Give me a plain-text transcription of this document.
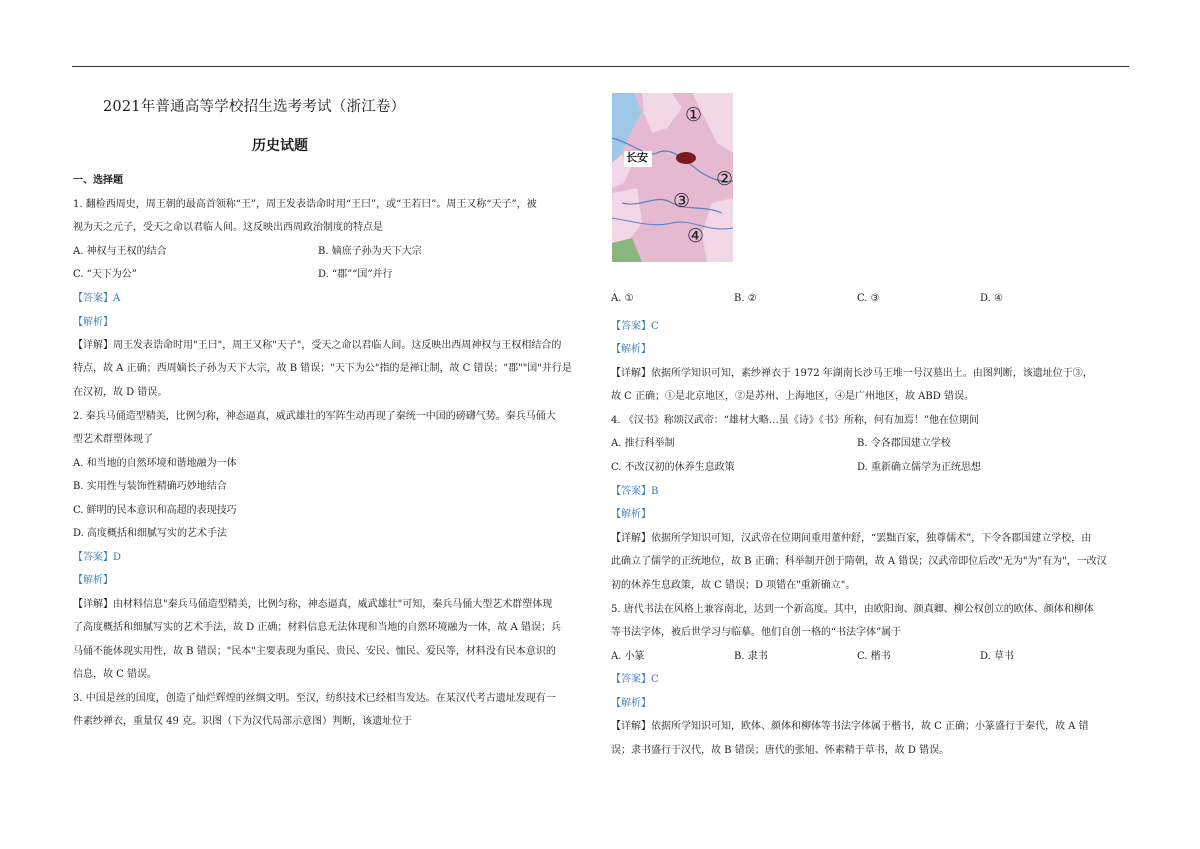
2021年普通高等学校招生选考考试（浙江卷）
历史试题
一、选择题
1. 翻检西周史，周王朝的最高首领称“王”，周王发表诰命时用“王曰”，或“王若曰”。周王又称“天子”，被
视为天之元子，受天之命以君临人间。这反映出西周政治制度的特点是
A. 神权与王权的结合	B. 嫡庶子孙为天下大宗
C. “天下为公”	D. “郡”“国”并行
【答案】A
【解析】
【详解】周王发表诰命时用"王曰"，周王又称"天子"，受天之命以君临人间。这反映出西周神权与王权相结合的
特点，故 A 正确；西周嫡长子孙为天下大宗，故 B 错误；"天下为公"指的是禅让制，故 C 错误；"郡""国"并行是
在汉初，故 D 错误。
2. 秦兵马俑造型精美，比例匀称，神态逼真，威武雄壮的军阵生动再现了秦统一中国的磅礴气势。秦兵马俑大
型艺术群塑体现了
A. 和当地的自然环境和谐地融为一体
B. 实用性与装饰性精确巧妙地结合
C. 鲜明的民本意识和高超的表现技巧
D. 高度概括和细腻写实的艺术手法
【答案】D
【解析】
【详解】由材料信息"秦兵马俑造型精美，比例匀称，神态逼真，威武雄壮"可知，秦兵马俑大型艺术群塑体现
了高度概括和细腻写实的艺术手法，故 D 正确；材料信息无法体现和当地的自然环境融为一体，故 A 错误；兵
马俑不能体现实用性，故 B 错误；"民本"主要表现为重民、贵民、安民、恤民、爱民等，材料没有民本意识的
信息，故 C 错误。
3. 中国是丝的国度，创造了灿烂辉煌的丝绸文明。至汉，纺织技术已经相当发达。在某汉代考古遗址发现有一
件素纱禅衣，重量仅 49 克。识图（下为汉代局部示意图）判断，该遗址位于
长安
①
②
③
④
A. ①	B. ②	C. ③	D. ④
【答案】C
【解析】
【详解】依据所学知识可知，素纱禅衣于 1972 年湖南长沙马王堆一号汉墓出土。由图判断，该遗址位于③，
故 C 正确；①是北京地区，②是苏州、上海地区，④是广州地区，故 ABD 错误。
4. 《汉书》称颂汉武帝：“雄材大略…虽《诗》《书》所称，何有加焉！”他在位期间
A. 推行科举制	B. 令各郡国建立学校
C. 不改汉初的休养生息政策	D. 重新确立儒学为正统思想
【答案】B
【解析】
【详解】依据所学知识可知，汉武帝在位期间重用董仲舒，“罢黜百家，独尊儒术”，下令各郡国建立学校，由
此确立了儒学的正统地位，故 B 正确；科举制开创于隋朝，故 A 错误；汉武帝即位后改"无为"为"有为"，一改汉
初的休养生息政策，故 C 错误；D 项错在"重新确立"。
5. 唐代书法在风格上兼容南北，达到一个新高度。其中，由欧阳询、颜真卿、柳公权创立的欧体、颜体和柳体
等书法字体，被后世学习与临摹。他们自创一格的“书法字体”属于
A. 小篆	B. 隶书	C. 楷书	D. 草书
【答案】C
【解析】
【详解】依据所学知识可知，欧体、颜体和柳体等书法字体属于楷书，故 C 正确；小篆盛行于秦代，故 A 错
误；隶书盛行于汉代，故 B 错误；唐代的张旭、怀素精于草书，故 D 错误。
